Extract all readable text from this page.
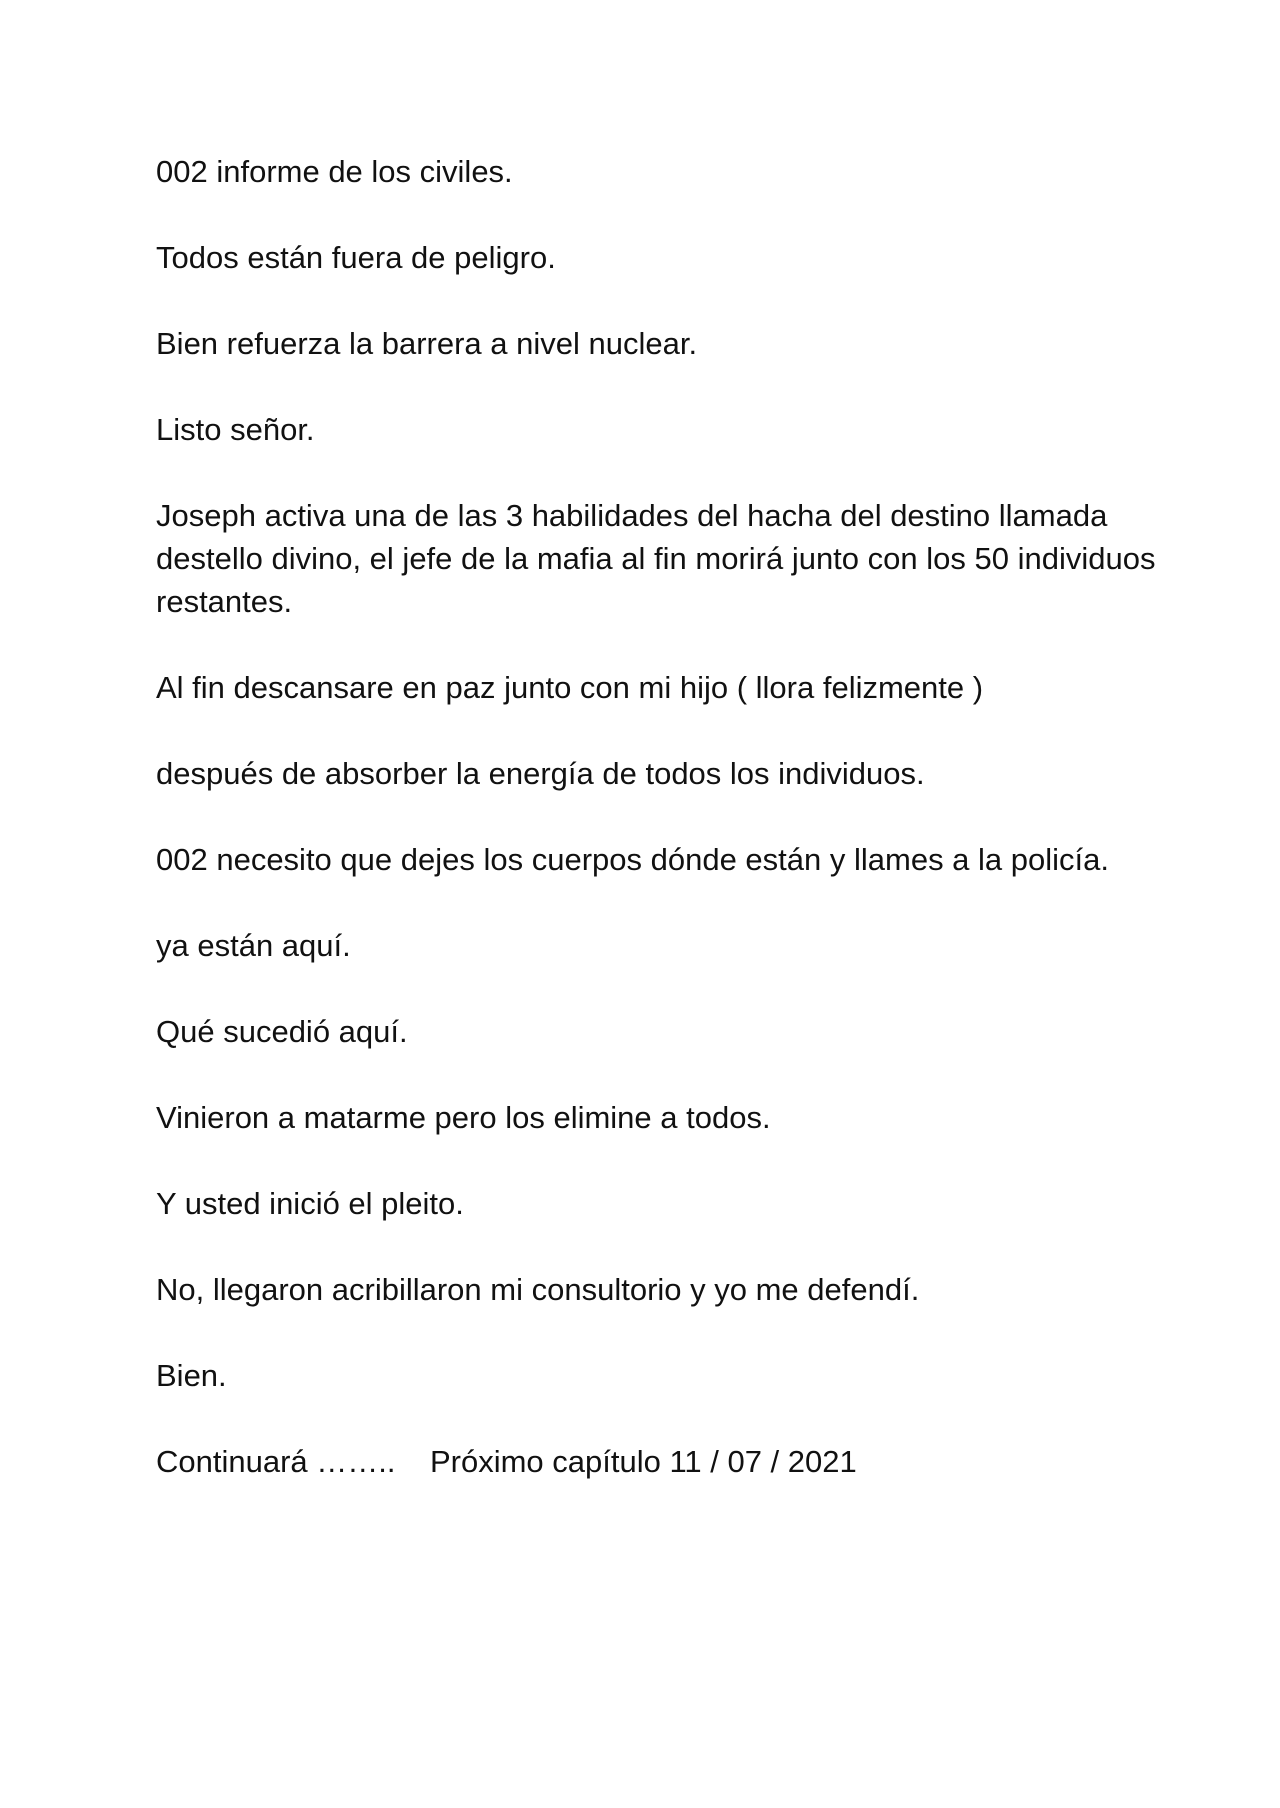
002 informe de los civiles.

Todos están fuera de peligro.

Bien refuerza la barrera a nivel nuclear.

Listo señor.

Joseph activa una de las 3 habilidades del hacha del destino llamada destello divino, el jefe de la mafia al fin morirá junto con los 50 individuos restantes.

Al fin descansare en paz junto con mi hijo ( llora felizmente )

después de absorber la energía de todos los individuos.

002 necesito que dejes los cuerpos dónde están y llames a la policía.

ya están aquí.

Qué sucedió aquí.

Vinieron a matarme pero los elimine a todos.

Y usted inició el pleito.

No, llegaron acribillaron mi consultorio y yo me defendí.

Bien.

Continuará …….. Próximo capítulo 11 / 07 / 2021
